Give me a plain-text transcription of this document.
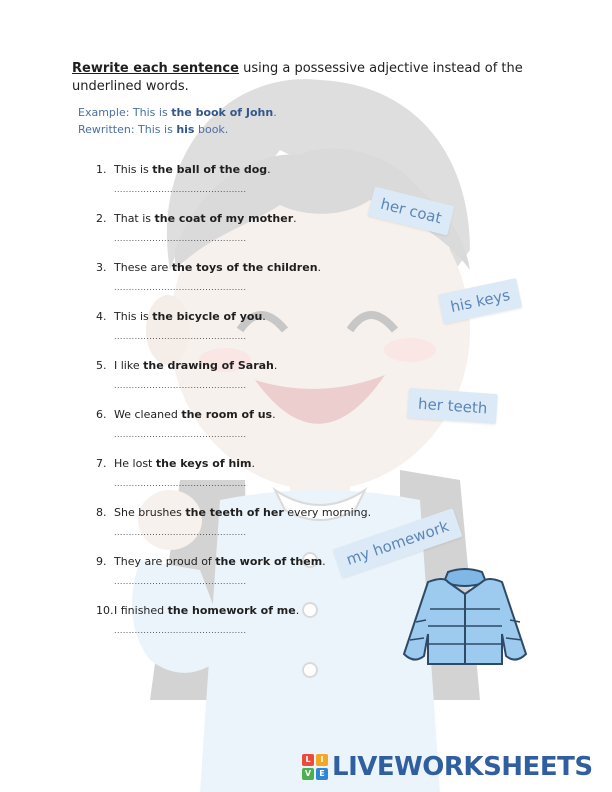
Rewrite each sentence using a possessive adjective instead of the underlined words.
Example: This is the book of John.
Rewritten: This is his book.
1. This is the ball of the dog.
.............................................
2. That is the coat of my mother.
.............................................
3. These are the toys of the children.
.............................................
4. This is the bicycle of you.
.............................................
5. I like the drawing of Sarah.
.............................................
6. We cleaned the room of us.
.............................................
7. He lost the keys of him.
.............................................
8. She brushes the teeth of her every morning.
.............................................
9. They are proud of the work of them.
.............................................
10.I finished the homework of me.
.............................................
her coat
his keys
her teeth
my homework
L	I
V	E LIVEWORKSHEETS
